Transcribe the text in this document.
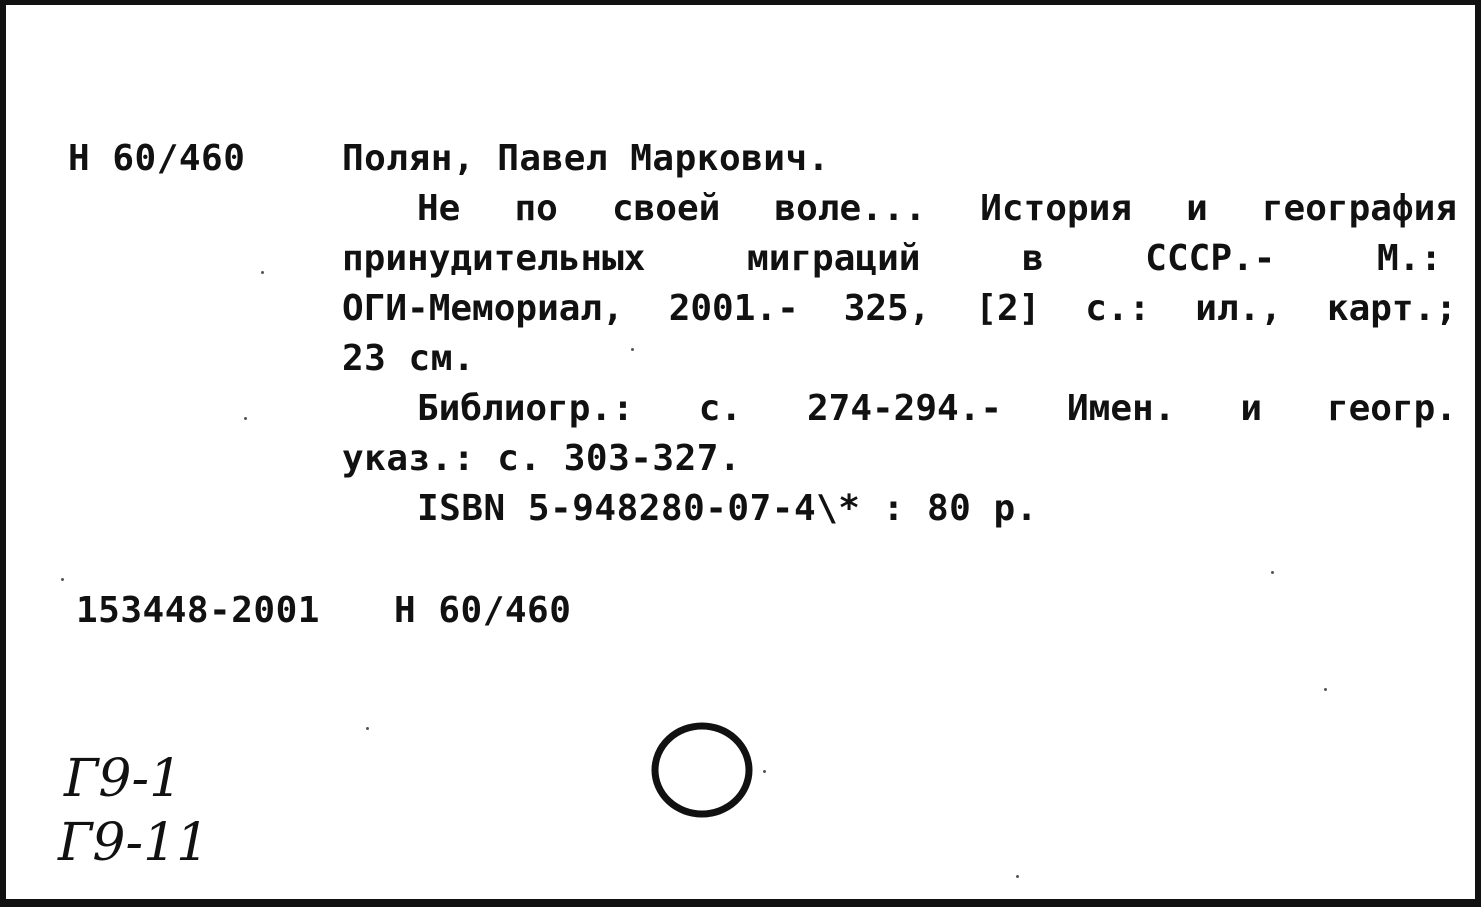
Н 60/460	Полян, Павел Маркович.
Не по своей воле... История и география
принудительных	миграций	в	СССР.-	М.:
ОГИ-Мемориал, 2001.- 325, [2] с.: ил., карт.;
23 см.
Библиогр.: с. 274-294.- Имен. и геогр.
указ.: с. 303-327.
ISBN 5-948280-07-4\* : 80 р.
153448-2001 Н 60/460
Г9-1
Г9-11
